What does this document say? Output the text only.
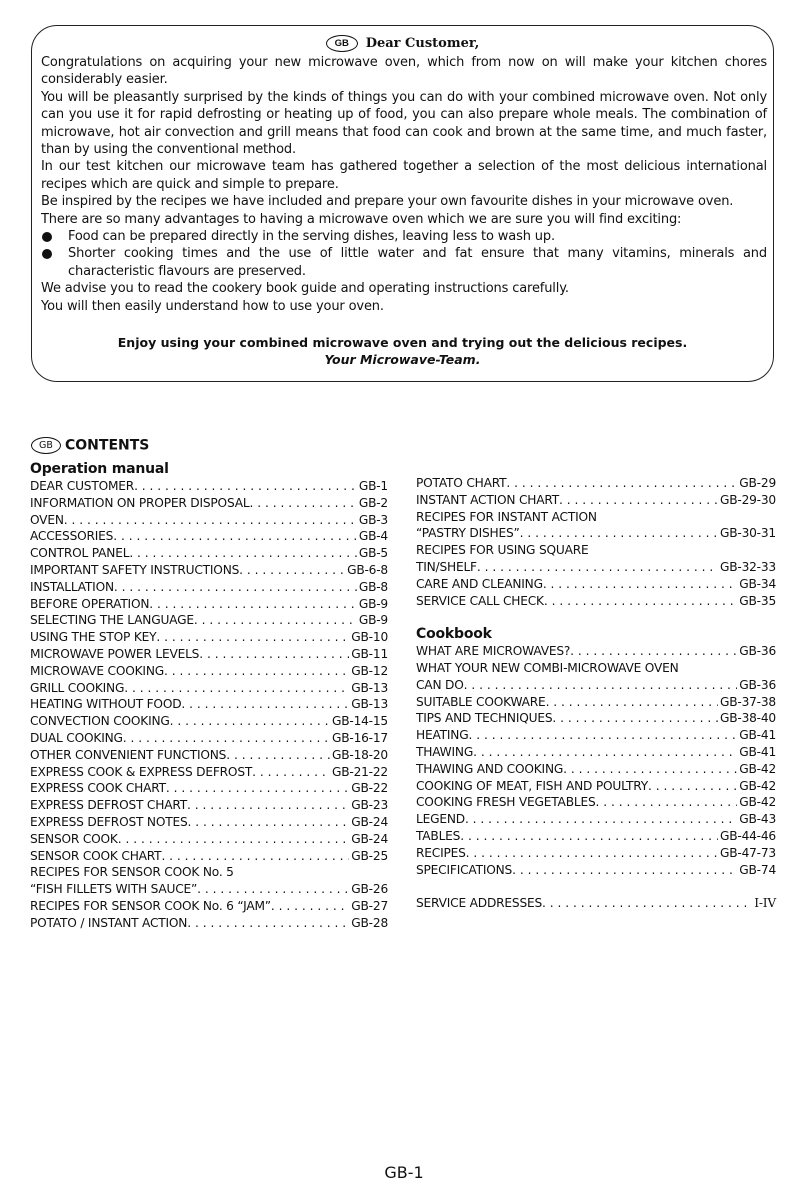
GB Dear Customer,

Congratulations on acquiring your new microwave oven, which from now on will make your kitchen chores considerably easier.

You will be pleasantly surprised by the kinds of things you can do with your combined microwave oven. Not only can you use it for rapid defrosting or heating up of food, you can also prepare whole meals. The combination of microwave, hot air convection and grill means that food can cook and brown at the same time, and much faster, than by using the conventional method.

In our test kitchen our microwave team has gathered together a selection of the most delicious international recipes which are quick and simple to prepare.

Be inspired by the recipes we have included and prepare your own favourite dishes in your microwave oven.

There are so many advantages to having a microwave oven which we are sure you will find exciting:

Food can be prepared directly in the serving dishes, leaving less to wash up.

Shorter cooking times and the use of little water and fat ensure that many vitamins, minerals and characteristic flavours are preserved.

We advise you to read the cookery book guide and operating instructions carefully.

You will then easily understand how to use your oven.

Enjoy using your combined microwave oven and trying out the delicious recipes.
Your Microwave-Team.
GB CONTENTS
Operation manual
DEAR CUSTOMER . . .	GB-1
INFORMATION ON PROPER DISPOSAL . . .	GB-2
OVEN . . .	GB-3
ACCESSORIES . . .	GB-4
CONTROL PANEL . . .	GB-5
IMPORTANT SAFETY INSTRUCTIONS . . .	GB-6-8
INSTALLATION . . .	GB-8
BEFORE OPERATION . . .	GB-9
SELECTING THE LANGUAGE . . .	GB-9
USING THE STOP KEY . . .	GB-10
MICROWAVE POWER LEVELS . . .	GB-11
MICROWAVE COOKING . . .	GB-12
GRILL COOKING . . .	GB-13
HEATING WITHOUT FOOD . . .	GB-13
CONVECTION COOKING . . .	GB-14-15
DUAL COOKING . . .	GB-16-17
OTHER CONVENIENT FUNCTIONS . . .	GB-18-20
EXPRESS COOK & EXPRESS DEFROST . . .	GB-21-22
EXPRESS COOK CHART . . .	GB-22
EXPRESS DEFROST CHART . . .	GB-23
EXPRESS DEFROST NOTES . . .	GB-24
SENSOR COOK . . .	GB-24
SENSOR COOK CHART . . .	GB-25
RECIPES FOR SENSOR COOK No. 5
“FISH FILLETS WITH SAUCE” . . .	GB-26
RECIPES FOR SENSOR COOK No. 6 “JAM” . . .	GB-27
POTATO / INSTANT ACTION . . .	GB-28
POTATO CHART . . .	GB-29
INSTANT ACTION CHART . . .	GB-29-30
RECIPES FOR INSTANT ACTION
“PASTRY DISHES” . . .	GB-30-31
RECIPES FOR USING SQUARE
TIN/SHELF . . .	GB-32-33
CARE AND CLEANING . . .	GB-34
SERVICE CALL CHECK . . .	GB-35
Cookbook
WHAT ARE MICROWAVES? . . .	GB-36
WHAT YOUR NEW COMBI-MICROWAVE OVEN
CAN DO . . .	GB-36
SUITABLE COOKWARE . . .	GB-37-38
TIPS AND TECHNIQUES . . .	GB-38-40
HEATING . . .	GB-41
THAWING . . .	GB-41
THAWING AND COOKING . . .	GB-42
COOKING OF MEAT, FISH AND POULTRY . . .	GB-42
COOKING FRESH VEGETABLES . . .	GB-42
LEGEND . . .	GB-43
TABLES . . .	GB-44-46
RECIPES . . .	GB-47-73
SPECIFICATIONS . . .	GB-74
SERVICE ADDRESSES . . .	I-IV
GB-1
